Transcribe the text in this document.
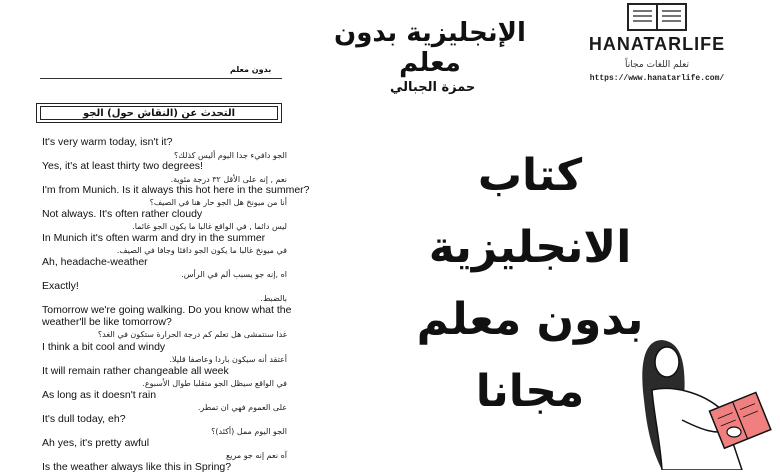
الإنجليزية بدون معلم
حمزة الجبالي
بدون معلم
التحدث عن (النقاش حول) الجو
It's very warm today, isn't it?
الجو دافيء جدا اليوم أليس كذلك؟
Yes, it's at least thirty two degrees!
نعم , إنه على الأقل ٣٢ درجة مئوية.
I'm from Munich. Is it always this hot here in the summer?
أنا من ميونخ هل الجو حار هنا في الصيف؟
Not always. It's often rather cloudy
ليس دائما , في الواقع غالبا ما يكون الجو غائما.
In Munich it's often warm and dry in the summer
في ميونخ غالبا ما يكون الجو دافئا وجافا في الصيف.
Ah, headache-weather
اه ,إنه جو يسبب ألم في الرأس.
Exactly!
بالضبط.
Tomorrow we're going walking. Do you know what the
weather'll be like tomorrow?
غدا سنتمشى هل تعلم كم درجة الحرارة ستكون في الغد؟
I think a bit cool and windy
أعتقد أنه سيكون باردا وعاصفا قليلا.
It will remain rather changeable all week
في الواقع سيظل الجو متقلبا طوال الأسبوع.
As long as it doesn't rain
على العموم فهي ان تمطر.
It's dull today, eh?
الجو اليوم ممل (أكئد)؟
Ah yes, it's pretty awful
آه نعم إنه جو مريع
Is the weather always like this in Spring?
HANATARLIFE
تعلم اللغات مجاناً
https://www.hanatarlife.com/
كتاب
الانجليزية
بدون معلم
مجانا
